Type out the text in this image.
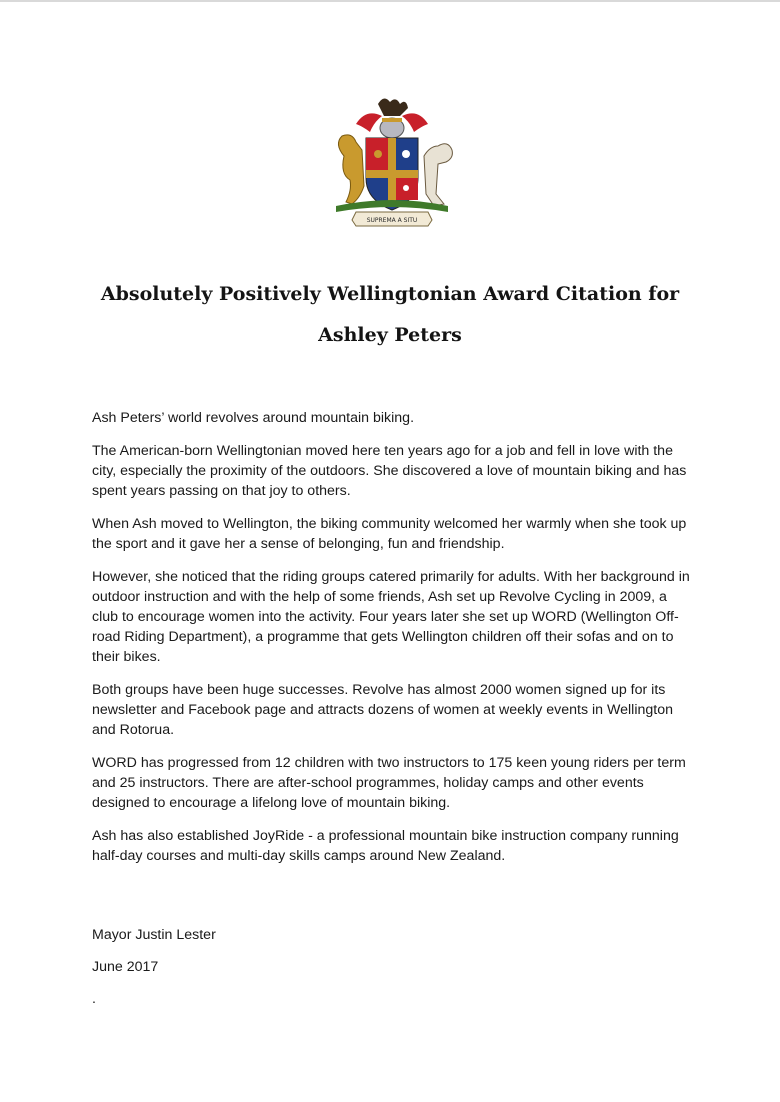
SUPREMA A SITU
Absolutely Positively Wellingtonian Award Citation for
Ashley Peters

Ash Peters’ world revolves around mountain biking.

The American-born Wellingtonian moved here ten years ago for a job and fell in love with the city, especially the proximity of the outdoors. She discovered a love of mountain biking and has spent years passing on that joy to others.

When Ash moved to Wellington, the biking community welcomed her warmly when she took up the sport and it gave her a sense of belonging, fun and friendship.

However, she noticed that the riding groups catered primarily for adults. With her background in outdoor instruction and with the help of some friends, Ash set up Revolve Cycling in 2009, a club to encourage women into the activity. Four years later she set up WORD (Wellington Off-road Riding Department), a programme that gets Wellington children off their sofas and on to their bikes.

Both groups have been huge successes. Revolve has almost 2000 women signed up for its newsletter and Facebook page and attracts dozens of women at weekly events in Wellington and Rotorua.

WORD has progressed from 12 children with two instructors to 175 keen young riders per term and 25 instructors. There are after-school programmes, holiday camps and other events designed to encourage a lifelong love of mountain biking.

Ash has also established JoyRide - a professional mountain bike instruction company running half-day courses and multi-day skills camps around New Zealand.

Mayor Justin Lester

June 2017

.
